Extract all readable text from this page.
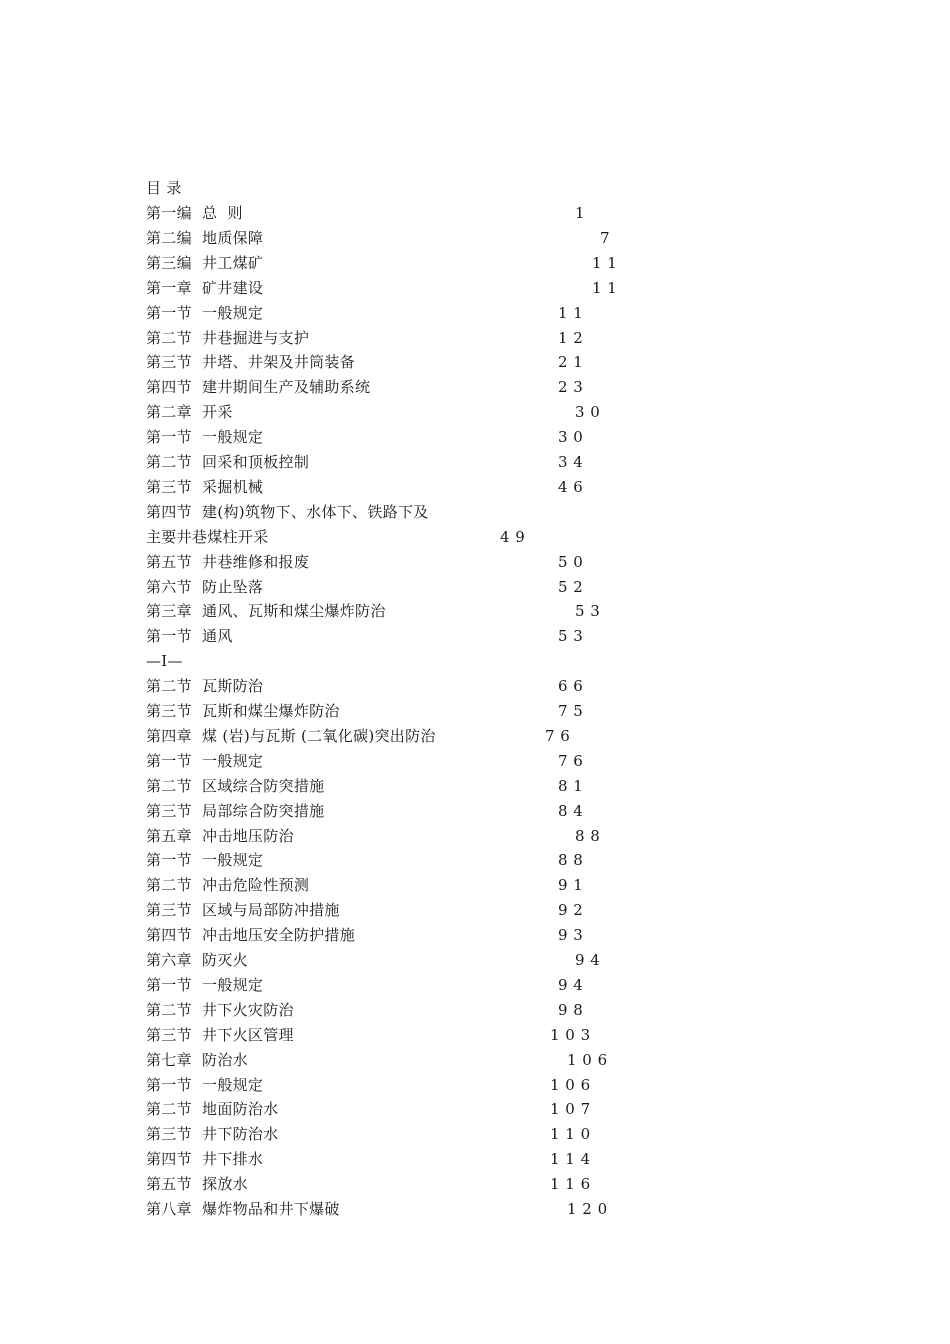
目 录
第一编  总  则	1
第二编  地质保障	7
第三编  井工煤矿	1 1
第一章  矿井建设	1 1
第一节  一般规定	1 1
第二节  井巷掘进与支护	1 2
第三节  井塔、井架及井筒装备	2 1
第四节  建井期间生产及辅助系统	2 3
第二章  开采	3 0
第一节  一般规定	3 0
第二节  回采和顶板控制	3 4
第三节  采掘机械	4 6
第四节  建(构)筑物下、水体下、铁路下及
主要井巷煤柱开采	4 9
第五节  井巷维修和报废	5 0
第六节  防止坠落	5 2
第三章  通风、瓦斯和煤尘爆炸防治	5 3
第一节  通风	5 3
—Ⅰ—
第二节  瓦斯防治	6 6
第三节  瓦斯和煤尘爆炸防治	7 5
第四章  煤 (岩)与瓦斯 (二氧化碳)突出防治	7 6
第一节  一般规定	7 6
第二节  区域综合防突措施	8 1
第三节  局部综合防突措施	8 4
第五章  冲击地压防治	8 8
第一节  一般规定	8 8
第二节  冲击危险性预测	9 1
第三节  区域与局部防冲措施	9 2
第四节  冲击地压安全防护措施	9 3
第六章  防灭火	9 4
第一节  一般规定	9 4
第二节  井下火灾防治	9 8
第三节  井下火区管理	1 0 3
第七章  防治水	1 0 6
第一节  一般规定	1 0 6
第二节  地面防治水	1 0 7
第三节  井下防治水	1 1 0
第四节  井下排水	1 1 4
第五节  探放水	1 1 6
第八章  爆炸物品和井下爆破	1 2 0
